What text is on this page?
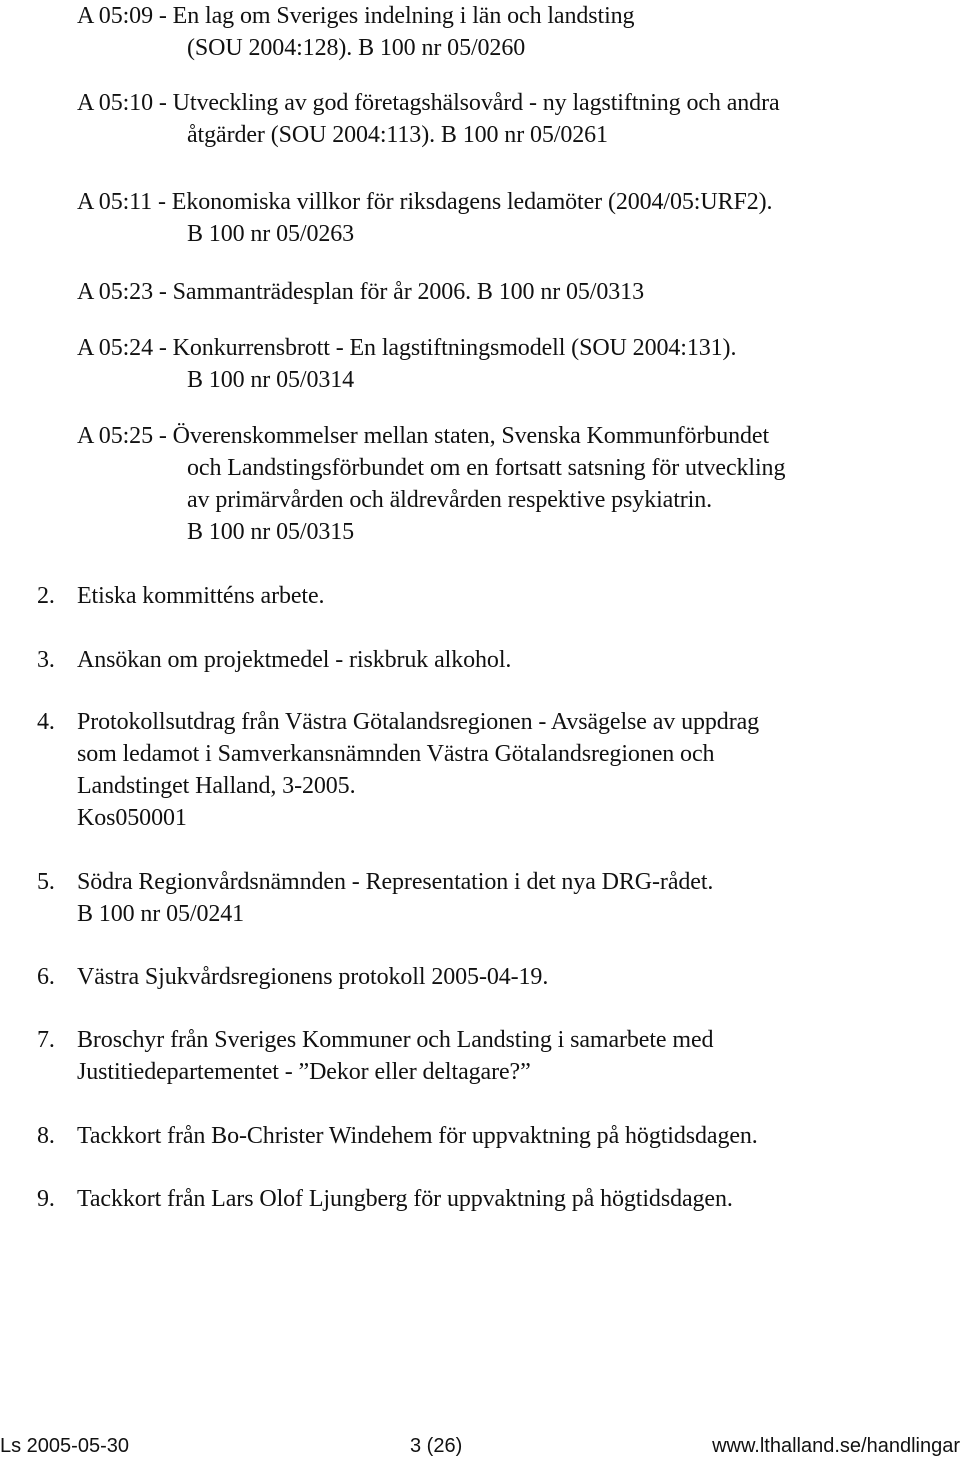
A 05:09 - En lag om Sveriges indelning i län och landsting
(SOU 2004:128). B 100 nr 05/0260
A 05:10 - Utveckling av god företagshälsovård - ny lagstiftning och andra
åtgärder (SOU 2004:113). B 100 nr 05/0261
A 05:11 - Ekonomiska villkor för riksdagens ledamöter (2004/05:URF2).
B 100 nr 05/0263
A 05:23 - Sammanträdesplan för år 2006. B 100 nr 05/0313
A 05:24 - Konkurrensbrott - En lagstiftningsmodell (SOU 2004:131).
B 100 nr 05/0314
A 05:25 - Överenskommelser mellan staten, Svenska Kommunförbundet
och Landstingsförbundet om en fortsatt satsning för utveckling
av primärvården och äldrevården respektive psykiatrin.
B 100 nr 05/0315
2. Etiska kommitténs arbete.
3. Ansökan om projektmedel - riskbruk alkohol.
4. Protokollsutdrag från Västra Götalandsregionen - Avsägelse av uppdrag
som ledamot i Samverkansnämnden Västra Götalandsregionen och
Landstinget Halland, 3-2005.
Kos050001
5. Södra Regionvårdsnämnden - Representation i det nya DRG-rådet.
B 100 nr 05/0241
6. Västra Sjukvårdsregionens protokoll 2005-04-19.
7. Broschyr från Sveriges Kommuner och Landsting i samarbete med
Justitiedepartementet - ”Dekor eller deltagare?”
8. Tackkort från Bo-Christer Windehem för uppvaktning på högtidsdagen.
9. Tackkort från Lars Olof Ljungberg för uppvaktning på högtidsdagen.
Ls 2005-05-30	3 (26)	www.lthalland.se/handlingar
